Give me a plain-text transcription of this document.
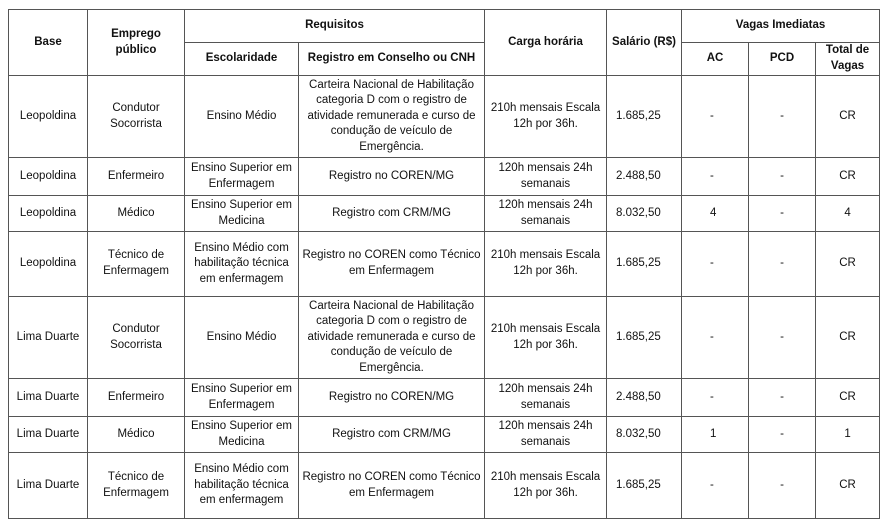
Base	Emprego público	Requisitos		Carga horária	Salário (R$)	Vagas Imediatas		
		Escolaridade	Registro em Conselho ou CNH			AC	PCD	Total de Vagas
Leopoldina	Condutor Socorrista	Ensino Médio	Carteira Nacional de Habilitação categoria D com o registro de atividade remunerada e curso de condução de veículo de Emergência.	210h mensais Escala 12h por 36h.	1.685,25	-	-	CR
Leopoldina	Enfermeiro	Ensino Superior em Enfermagem	Registro no COREN/MG	120h mensais 24h semanais	2.488,50	-	-	CR
Leopoldina	Médico	Ensino Superior em Medicina	Registro com CRM/MG	120h mensais 24h semanais	8.032,50	4	-	4
Leopoldina	Técnico de Enfermagem	Ensino Médio com habilitação técnica em enfermagem	Registro no COREN como Técnico em Enfermagem	210h mensais Escala 12h por 36h.	1.685,25	-	-	CR
Lima Duarte	Condutor Socorrista	Ensino Médio	Carteira Nacional de Habilitação categoria D com o registro de atividade remunerada e curso de condução de veículo de Emergência.	210h mensais Escala 12h por 36h.	1.685,25	-	-	CR
Lima Duarte	Enfermeiro	Ensino Superior em Enfermagem	Registro no COREN/MG	120h mensais 24h semanais	2.488,50	-	-	CR
Lima Duarte	Médico	Ensino Superior em Medicina	Registro com CRM/MG	120h mensais 24h semanais	8.032,50	1	-	1
Lima Duarte	Técnico de Enfermagem	Ensino Médio com habilitação técnica em enfermagem	Registro no COREN como Técnico em Enfermagem	210h mensais Escala 12h por 36h.	1.685,25	-	-	CR
